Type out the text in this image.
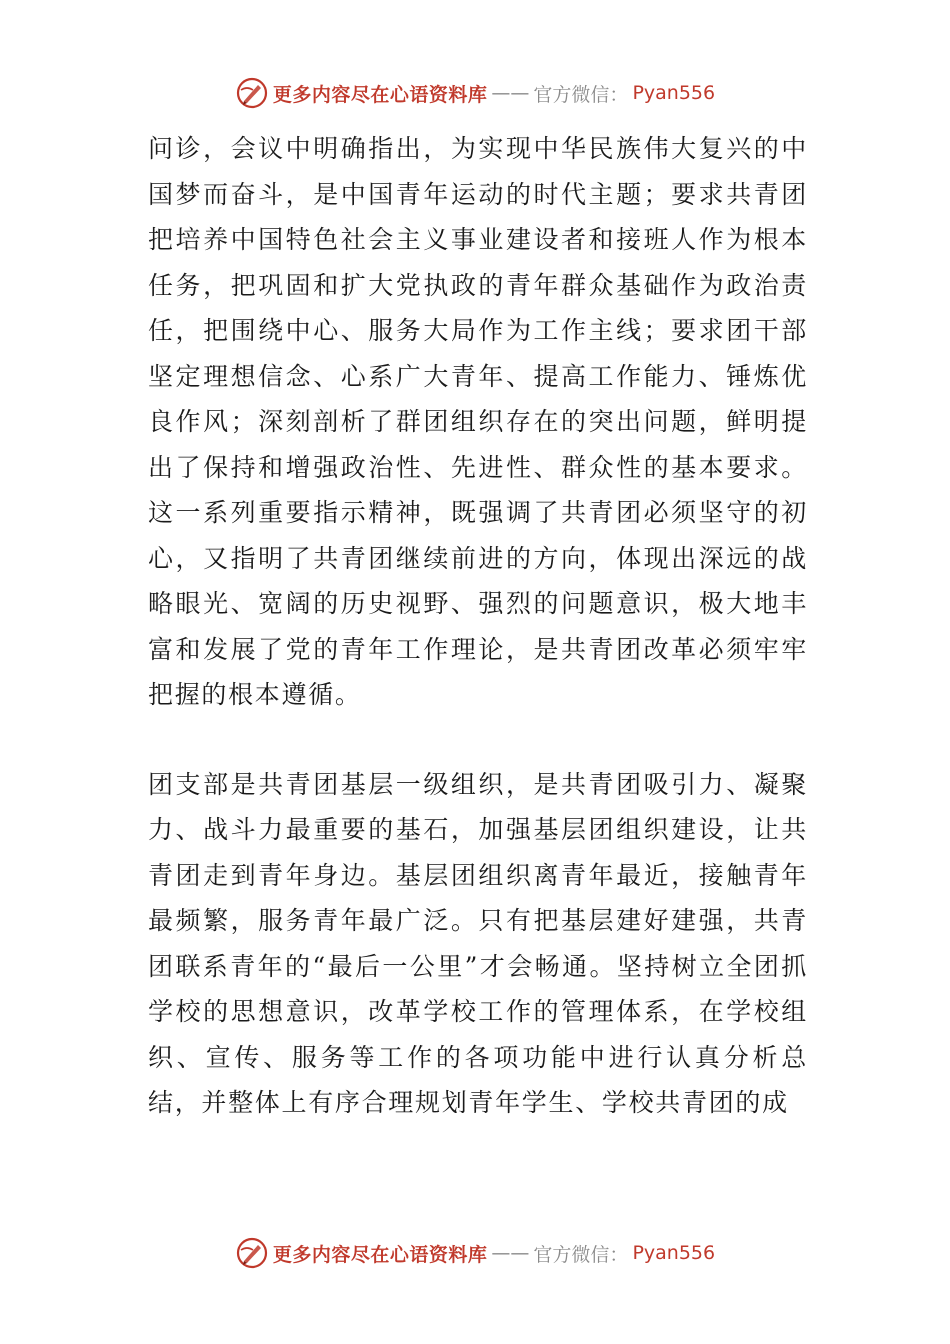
更多内容尽在心语资料库 —— 官方微信： Pyan556

问诊，会议中明确指出，为实现中华民族伟大复兴的中国梦而奋斗，是中国青年运动的时代主题；要求共青团把培养中国特色社会主义事业建设者和接班人作为根本任务，把巩固和扩大党执政的青年群众基础作为政治责任，把围绕中心、服务大局作为工作主线；要求团干部坚定理想信念、心系广大青年、提高工作能力、锤炼优良作风；深刻剖析了群团组织存在的突出问题，鲜明提出了保持和增强政治性、先进性、群众性的基本要求。这一系列重要指示精神，既强调了共青团必须坚守的初心，又指明了共青团继续前进的方向，体现出深远的战略眼光、宽阔的历史视野、强烈的问题意识，极大地丰富和发展了党的青年工作理论，是共青团改革必须牢牢把握的根本遵循。

团支部是共青团基层一级组织，是共青团吸引力、凝聚力、战斗力最重要的基石，加强基层团组织建设，让共青团走到青年身边。基层团组织离青年最近，接触青年最频繁，服务青年最广泛。只有把基层建好建强，共青团联系青年的“最后一公里”才会畅通。坚持树立全团抓学校的思想意识，改革学校工作的管理体系，在学校组织、宣传、服务等工作的各项功能中进行认真分析总结，并整体上有序合理规划青年学生、学校共青团的成

更多内容尽在心语资料库 —— 官方微信： Pyan556
